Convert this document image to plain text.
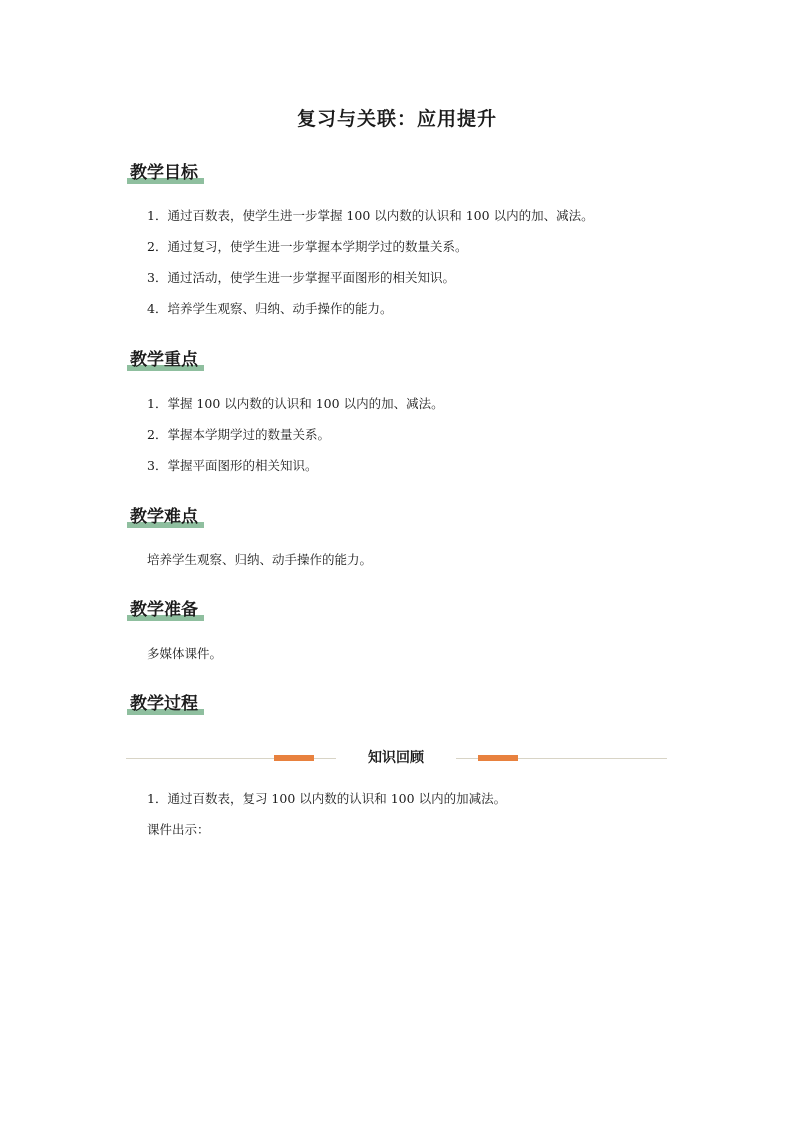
复习与关联：应用提升
教学目标
1．通过百数表，使学生进一步掌握 100 以内数的认识和 100 以内的加、减法。
2．通过复习，使学生进一步掌握本学期学过的数量关系。
3．通过活动，使学生进一步掌握平面图形的相关知识。
4．培养学生观察、归纳、动手操作的能力。
教学重点
1．掌握 100 以内数的认识和 100 以内的加、减法。
2．掌握本学期学过的数量关系。
3．掌握平面图形的相关知识。
教学难点
培养学生观察、归纳、动手操作的能力。
教学准备
多媒体课件。
教学过程
知识回顾
1．通过百数表，复习 100 以内数的认识和 100 以内的加减法。
课件出示：
